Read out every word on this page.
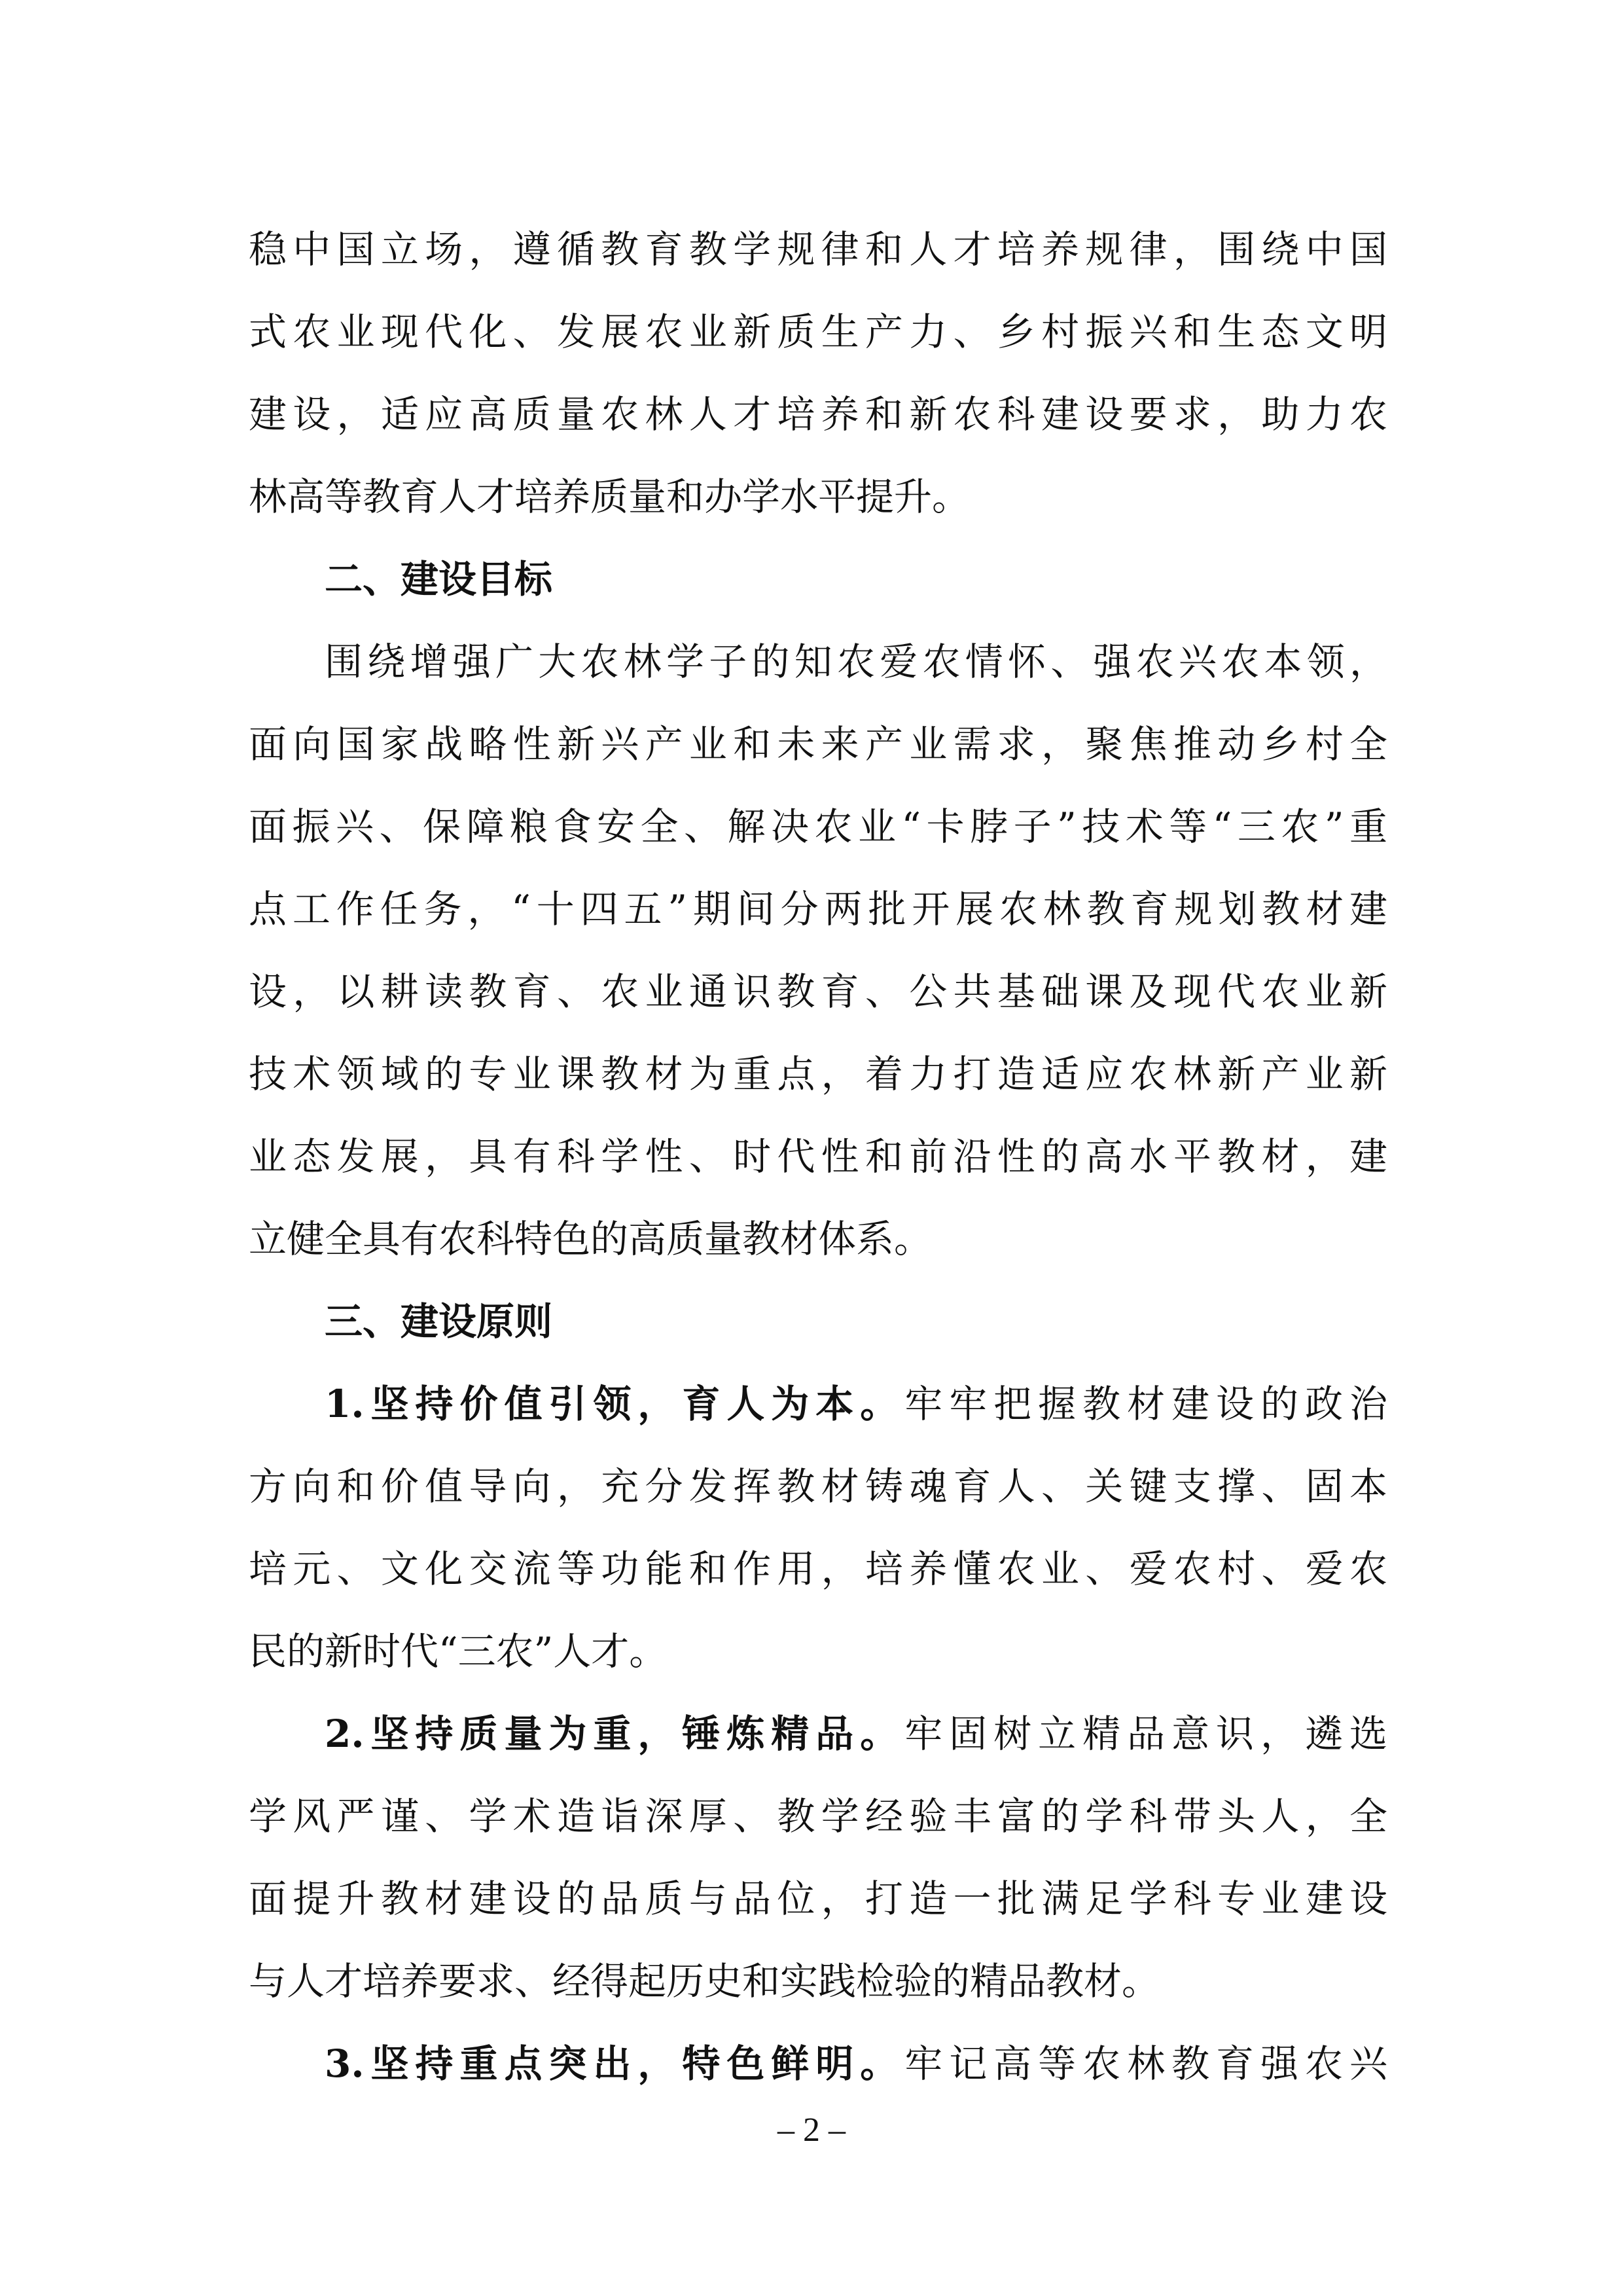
稳中国立场，遵循教育教学规律和人才培养规律，围绕中国
式农业现代化、发展农业新质生产力、乡村振兴和生态文明
建设，适应高质量农林人才培养和新农科建设要求，助力农
林高等教育人才培养质量和办学水平提升。
二、建设目标
围绕增强广大农林学子的知农爱农情怀、强农兴农本领，
面向国家战略性新兴产业和未来产业需求，聚焦推动乡村全
面振兴、保障粮食安全、解决农业“卡脖子”技术等“三农”重
点工作任务，“十四五”期间分两批开展农林教育规划教材建
设，以耕读教育、农业通识教育、公共基础课及现代农业新
技术领域的专业课教材为重点，着力打造适应农林新产业新
业态发展，具有科学性、时代性和前沿性的高水平教材，建
立健全具有农科特色的高质量教材体系。
三、建设原则
1.坚持价值引领，育人为本。牢牢把握教材建设的政治
方向和价值导向，充分发挥教材铸魂育人、关键支撑、固本
培元、文化交流等功能和作用，培养懂农业、爱农村、爱农
民的新时代“三农”人才。
2.坚持质量为重，锤炼精品。牢固树立精品意识，遴选
学风严谨、学术造诣深厚、教学经验丰富的学科带头人，全
面提升教材建设的品质与品位，打造一批满足学科专业建设
与人才培养要求、经得起历史和实践检验的精品教材。
3.坚持重点突出，特色鲜明。牢记高等农林教育强农兴
– 2 –
